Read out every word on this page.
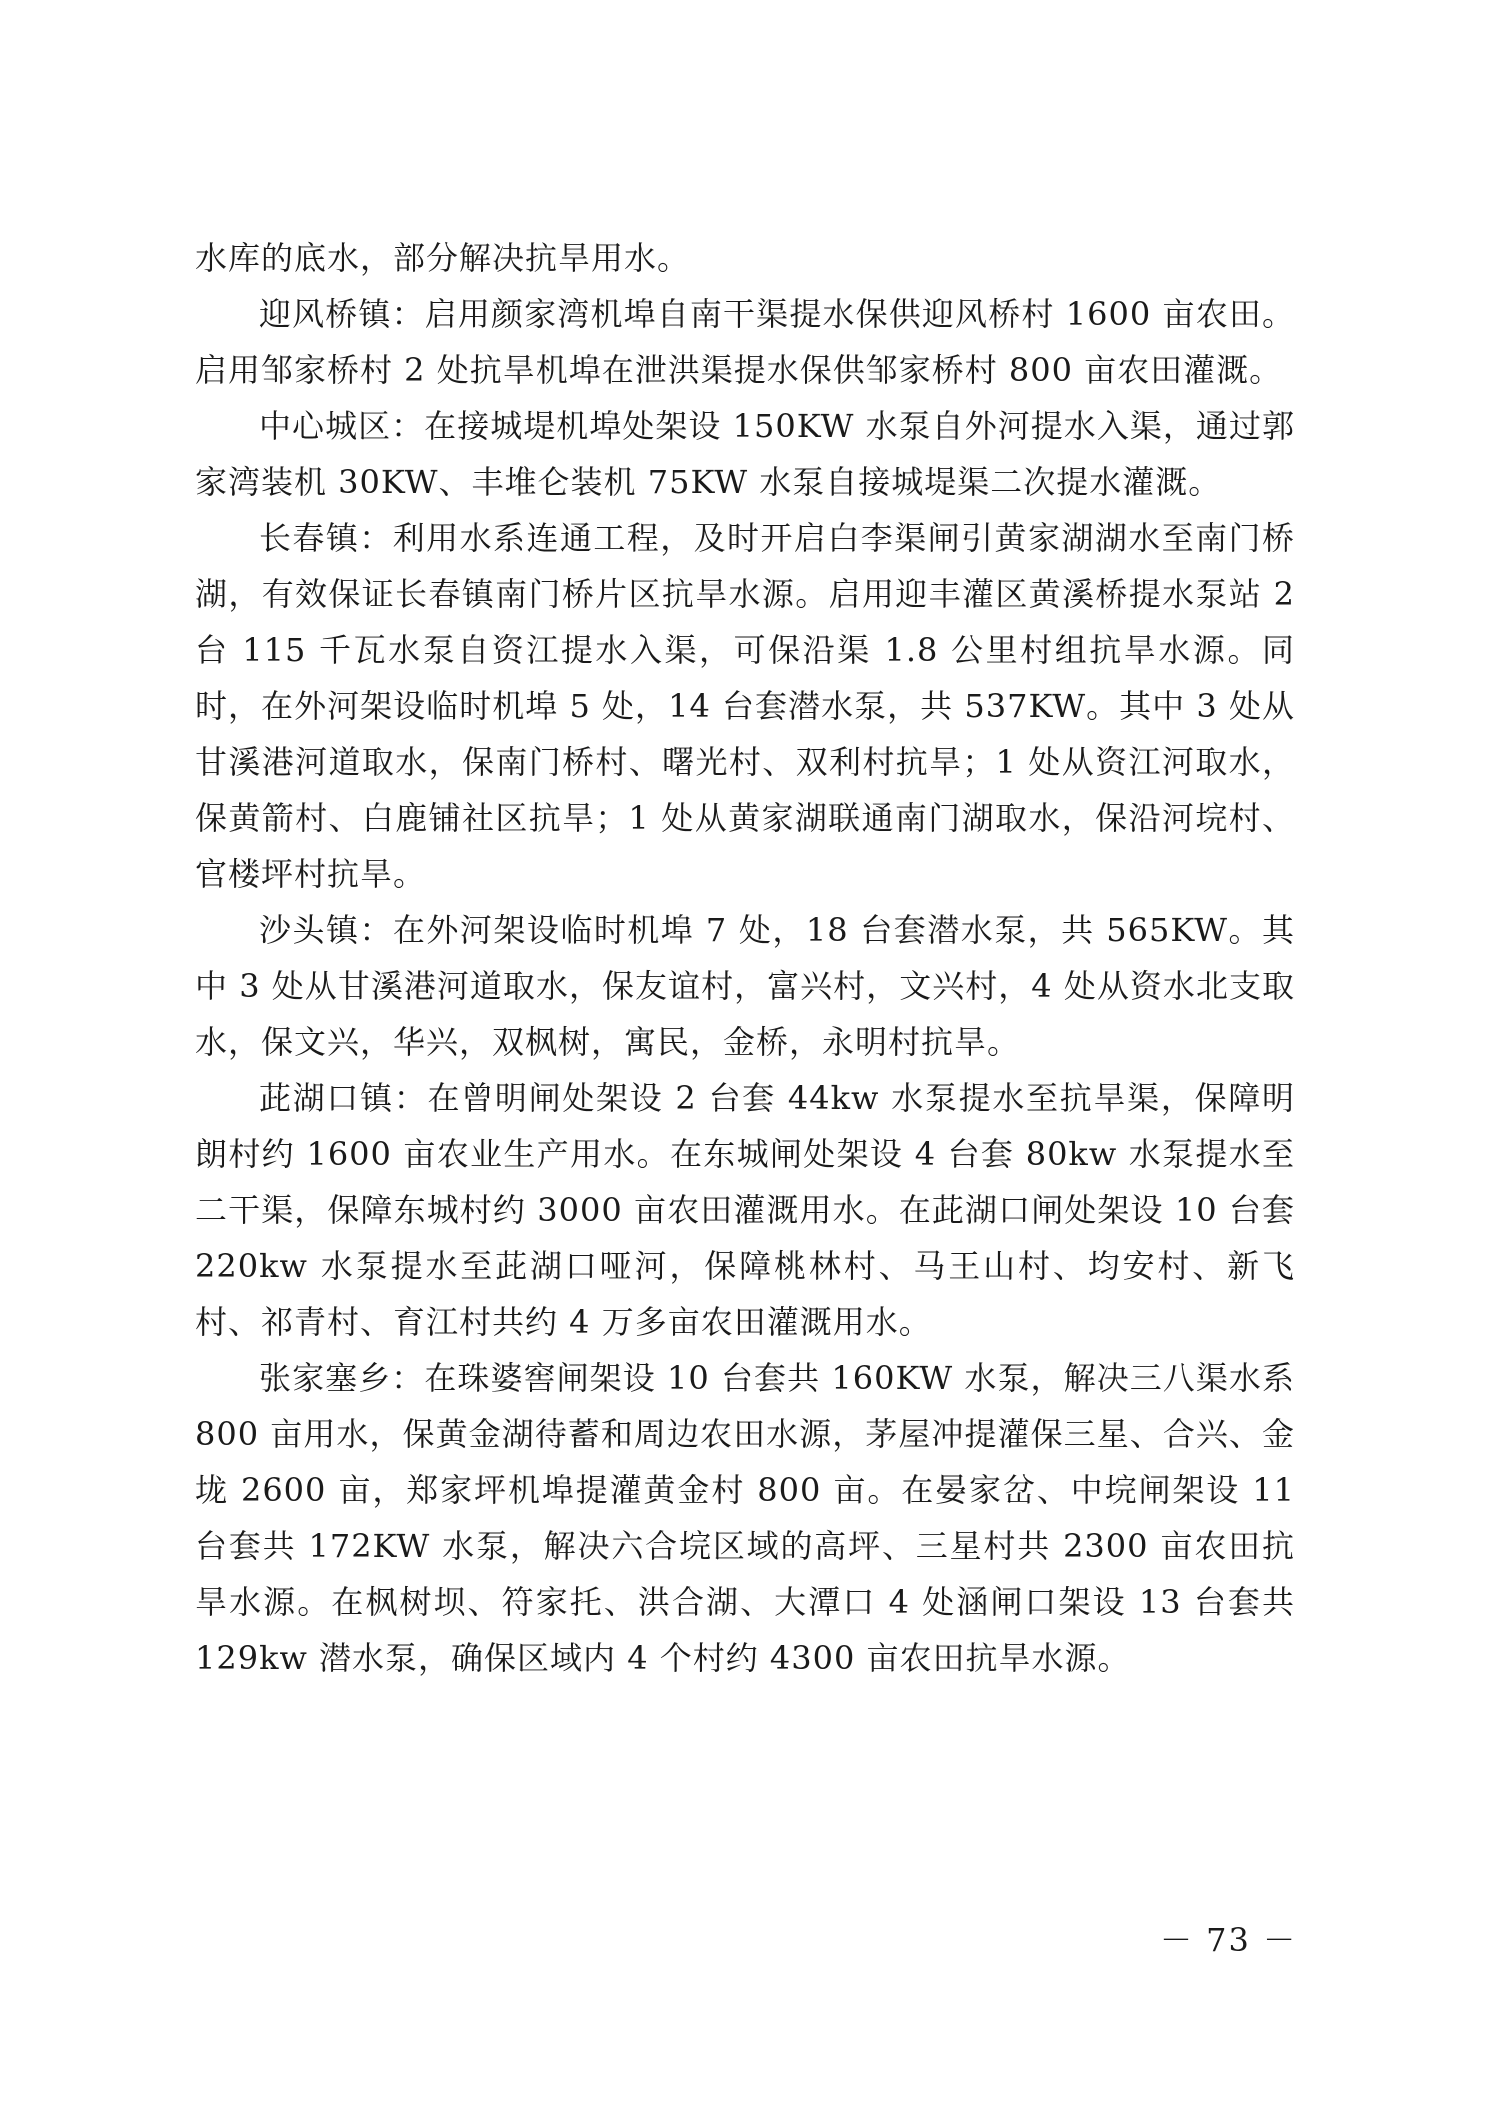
水库的底水，部分解决抗旱用水。

迎风桥镇：启用颜家湾机埠自南干渠提水保供迎风桥村 1600 亩农田。启用邹家桥村 2 处抗旱机埠在泄洪渠提水保供邹家桥村 800 亩农田灌溉。

中心城区：在接城堤机埠处架设 150KW 水泵自外河提水入渠，通过郭家湾装机 30KW、丰堆仑装机 75KW 水泵自接城堤渠二次提水灌溉。

长春镇：利用水系连通工程，及时开启白李渠闸引黄家湖湖水至南门桥湖，有效保证长春镇南门桥片区抗旱水源。启用迎丰灌区黄溪桥提水泵站 2 台 115 千瓦水泵自资江提水入渠，可保沿渠 1.8 公里村组抗旱水源。同时，在外河架设临时机埠 5 处，14 台套潜水泵，共 537KW。其中 3 处从甘溪港河道取水，保南门桥村、曙光村、双利村抗旱；1 处从资江河取水，保黄箭村、白鹿铺社区抗旱；1 处从黄家湖联通南门湖取水，保沿河垸村、官楼坪村抗旱。

沙头镇：在外河架设临时机埠 7 处，18 台套潜水泵，共 565KW。其中 3 处从甘溪港河道取水，保友谊村，富兴村，文兴村，4 处从资水北支取水，保文兴，华兴，双枫树，寓民，金桥，永明村抗旱。

茈湖口镇：在曾明闸处架设 2 台套 44kw 水泵提水至抗旱渠，保障明朗村约 1600 亩农业生产用水。在东城闸处架设 4 台套 80kw 水泵提水至二干渠，保障东城村约 3000 亩农田灌溉用水。在茈湖口闸处架设 10 台套 220kw 水泵提水至茈湖口哑河，保障桃林村、马王山村、均安村、新飞村、祁青村、育江村共约 4 万多亩农田灌溉用水。

张家塞乡：在珠婆窖闸架设 10 台套共 160KW 水泵，解决三八渠水系 800 亩用水，保黄金湖待蓄和周边农田水源，茅屋冲提灌保三星、合兴、金垅 2600 亩，郑家坪机埠提灌黄金村 800 亩。在晏家岔、中垸闸架设 11 台套共 172KW 水泵，解决六合垸区域的高坪、三星村共 2300 亩农田抗旱水源。在枫树坝、符家托、洪合湖、大潭口 4 处涵闸口架设 13 台套共 129kw 潜水泵，确保区域内 4 个村约 4300 亩农田抗旱水源。

－ 73 －
